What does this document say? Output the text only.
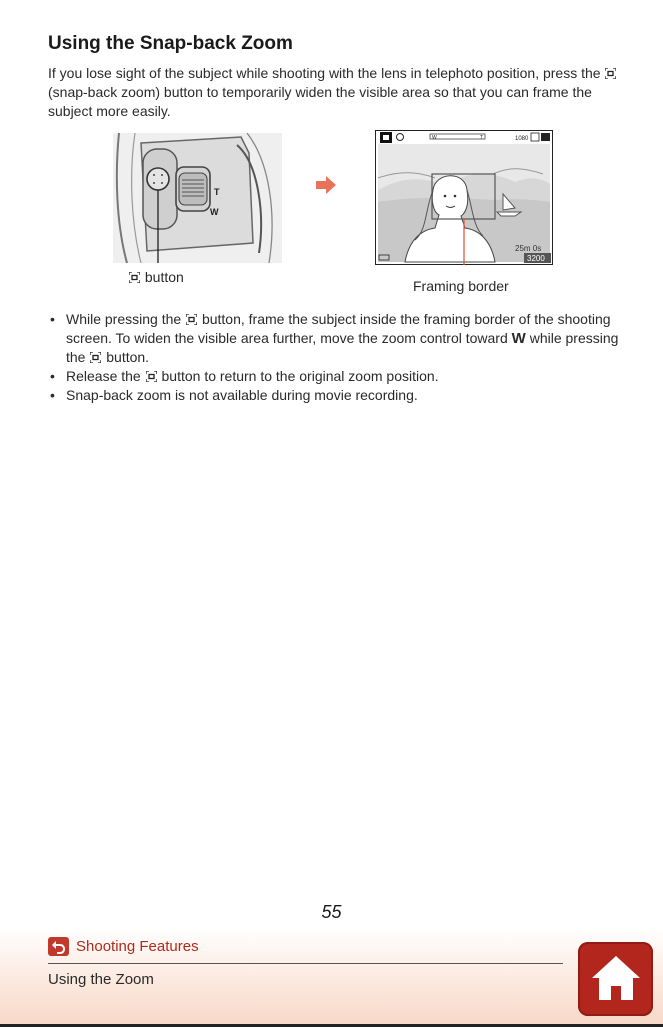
Using the Snap-back Zoom

If you lose sight of the subject while shooting with the lens in telephoto position, press the
(snap-back zoom) button to temporarily widen the visible area so that you can frame the subject more easily.

T
W
button
W	T	1080
25m 0s
3200
Framing border
• While pressing the button, frame the subject inside the framing border of the shooting screen. To widen the visible area further, move the zoom control toward W while pressing the button.
• Release the button to return to the original zoom position.
• Snap-back zoom is not available during movie recording.
55
Shooting Features
Using the Zoom
